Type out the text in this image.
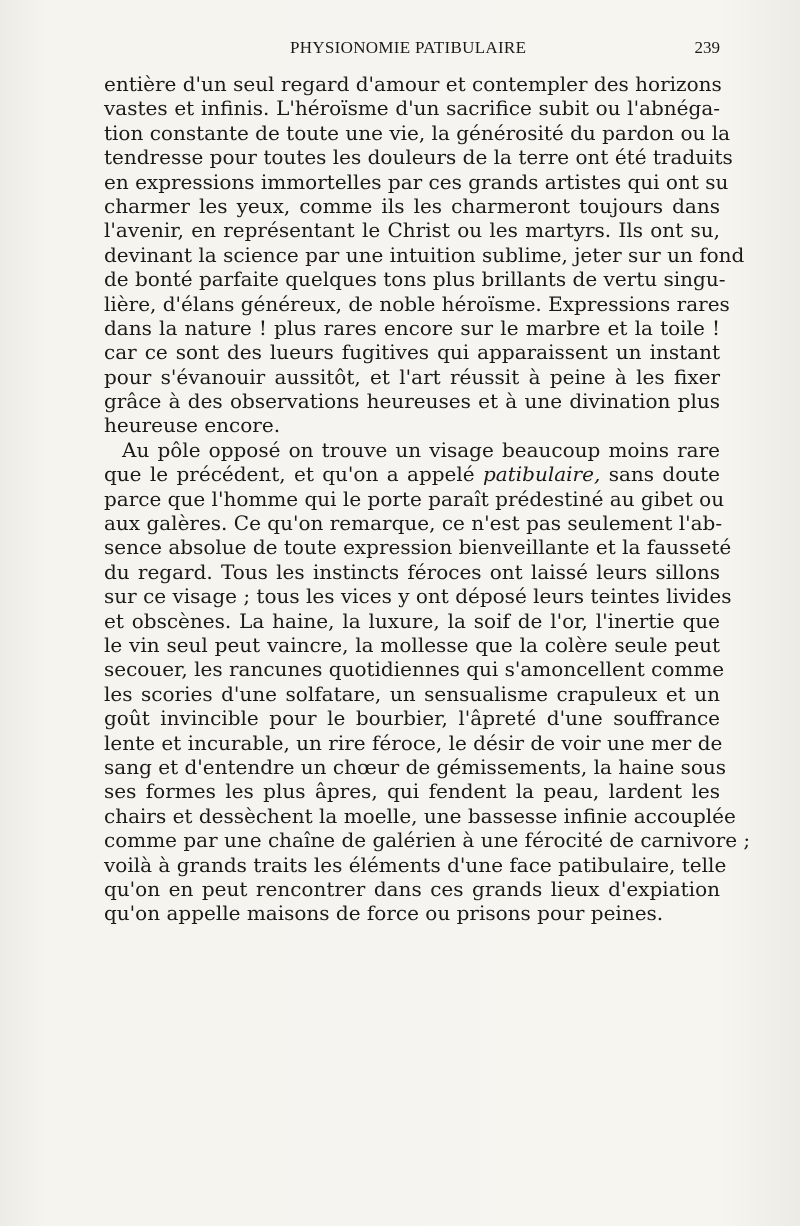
PHYSIONOMIE PATIBULAIRE	239
entière d'un seul regard d'amour et contempler des horizons
vastes et infinis. L'héroïsme d'un sacrifice subit ou l'abnéga-
tion constante de toute une vie, la générosité du pardon ou la
tendresse pour toutes les douleurs de la terre ont été traduits
en expressions immortelles par ces grands artistes qui ont su
charmer les yeux, comme ils les charmeront toujours dans
l'avenir, en représentant le Christ ou les martyrs. Ils ont su,
devinant la science par une intuition sublime, jeter sur un fond
de bonté parfaite quelques tons plus brillants de vertu singu-
lière, d'élans généreux, de noble héroïsme. Expressions rares
dans la nature ! plus rares encore sur le marbre et la toile !
car ce sont des lueurs fugitives qui apparaissent un instant
pour s'évanouir aussitôt, et l'art réussit à peine à les fixer
grâce à des observations heureuses et à une divination plus
heureuse encore.
Au pôle opposé on trouve un visage beaucoup moins rare
que le précédent, et qu'on a appelé patibulaire, sans doute
parce que l'homme qui le porte paraît prédestiné au gibet ou
aux galères. Ce qu'on remarque, ce n'est pas seulement l'ab-
sence absolue de toute expression bienveillante et la fausseté
du regard. Tous les instincts féroces ont laissé leurs sillons
sur ce visage ; tous les vices y ont déposé leurs teintes livides
et obscènes. La haine, la luxure, la soif de l'or, l'inertie que
le vin seul peut vaincre, la mollesse que la colère seule peut
secouer, les rancunes quotidiennes qui s'amoncellent comme
les scories d'une solfatare, un sensualisme crapuleux et un
goût invincible pour le bourbier, l'âpreté d'une souffrance
lente et incurable, un rire féroce, le désir de voir une mer de
sang et d'entendre un chœur de gémissements, la haine sous
ses formes les plus âpres, qui fendent la peau, lardent les
chairs et dessèchent la moelle, une bassesse infinie accouplée
comme par une chaîne de galérien à une férocité de carnivore ;
voilà à grands traits les éléments d'une face patibulaire, telle
qu'on en peut rencontrer dans ces grands lieux d'expiation
qu'on appelle maisons de force ou prisons pour peines.
